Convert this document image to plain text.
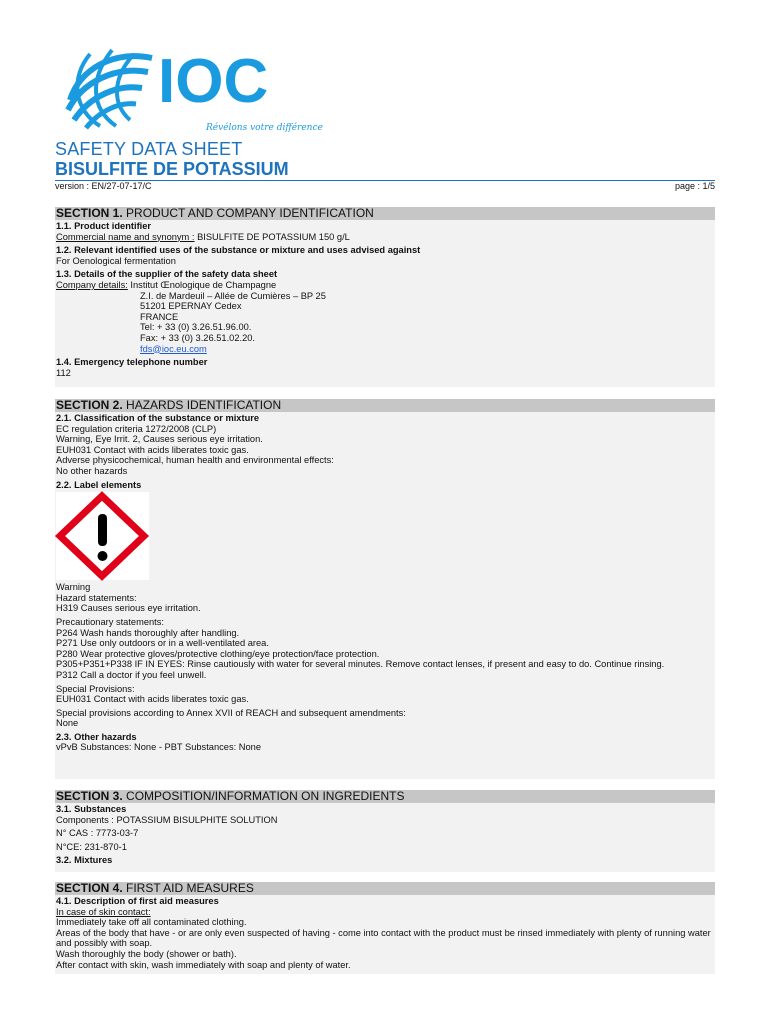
IOC
Révélons votre différence
SAFETY DATA SHEET
BISULFITE DE POTASSIUM
version : EN/27-07-17/C	page : 1/5
SECTION 1. PRODUCT AND COMPANY IDENTIFICATION
1.1. Product identifier
Commercial name and synonym : BISULFITE DE POTASSIUM 150 g/L
1.2. Relevant identified uses of the substance or mixture and uses advised against
For Oenological fermentation
1.3. Details of the supplier of the safety data sheet
Company details: Institut Œnologique de Champagne
Z.I. de Mardeuil – Allée de Cumières – BP 25
51201 EPERNAY Cedex
FRANCE
Tel: + 33 (0) 3.26.51.96.00.
Fax: + 33 (0) 3.26.51.02.20.
fds@ioc.eu.com
1.4. Emergency telephone number
112
SECTION 2. HAZARDS IDENTIFICATION
2.1. Classification of the substance or mixture
EC regulation criteria 1272/2008 (CLP)
Warning, Eye Irrit. 2, Causes serious eye irritation.
EUH031 Contact with acids liberates toxic gas.
Adverse physicochemical, human health and environmental effects:
No other hazards
2.2. Label elements
Warning
Hazard statements:
H319 Causes serious eye irritation.
Precautionary statements:
P264 Wash hands thoroughly after handling.
P271 Use only outdoors or in a well-ventilated area.
P280 Wear protective gloves/protective clothing/eye protection/face protection.
P305+P351+P338 IF IN EYES: Rinse cautiously with water for several minutes. Remove contact lenses, if present and easy to do. Continue rinsing.
P312 Call a doctor if you feel unwell.
Special Provisions:
EUH031 Contact with acids liberates toxic gas.
Special provisions according to Annex XVII of REACH and subsequent amendments:
None
2.3. Other hazards
vPvB Substances: None - PBT Substances: None
SECTION 3. COMPOSITION/INFORMATION ON INGREDIENTS
3.1. Substances
Components : POTASSIUM BISULPHITE SOLUTION
N° CAS : 7773-03-7
N°CE: 231-870-1
3.2. Mixtures
SECTION 4. FIRST AID MEASURES
4.1. Description of first aid measures
In case of skin contact:
Immediately take off all contaminated clothing.
Areas of the body that have - or are only even suspected of having - come into contact with the product must be rinsed immediately with plenty of running water and possibly with soap.
Wash thoroughly the body (shower or bath).
After contact with skin, wash immediately with soap and plenty of water.
